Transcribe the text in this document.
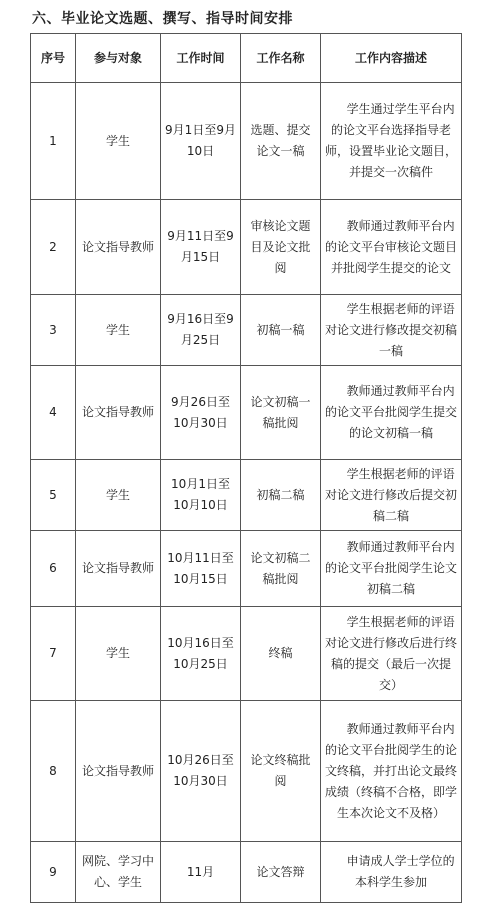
六、毕业论文选题、撰写、指导时间安排
序号	参与对象	工作时间	工作名称	工作内容描述
1	学生	9月1日至9月10日	选题、提交论文一稿	学生通过学生平台内的论文平台选择指导老师，设置毕业论文题目，并提交一次稿件
2	论文指导教师	9月11日至9月15日	审核论文题目及论文批阅	教师通过教师平台内的论文平台审核论文题目并批阅学生提交的论文
3	学生	9月16日至9月25日	初稿一稿	学生根据老师的评语对论文进行修改提交初稿一稿
4	论文指导教师	9月26日至10月30日	论文初稿一稿批阅	教师通过教师平台内的论文平台批阅学生提交的论文初稿一稿
5	学生	10月1日至10月10日	初稿二稿	学生根据老师的评语对论文进行修改后提交初稿二稿
6	论文指导教师	10月11日至10月15日	论文初稿二稿批阅	教师通过教师平台内的论文平台批阅学生论文初稿二稿
7	学生	10月16日至10月25日	终稿	学生根据老师的评语对论文进行修改后进行终稿的提交（最后一次提交）
8	论文指导教师	10月26日至10月30日	论文终稿批阅	教师通过教师平台内的论文平台批阅学生的论文终稿，并打出论文最终成绩（终稿不合格，即学生本次论文不及格）
9	网院、学习中心、学生	11月	论文答辩	申请成人学士学位的本科学生参加
